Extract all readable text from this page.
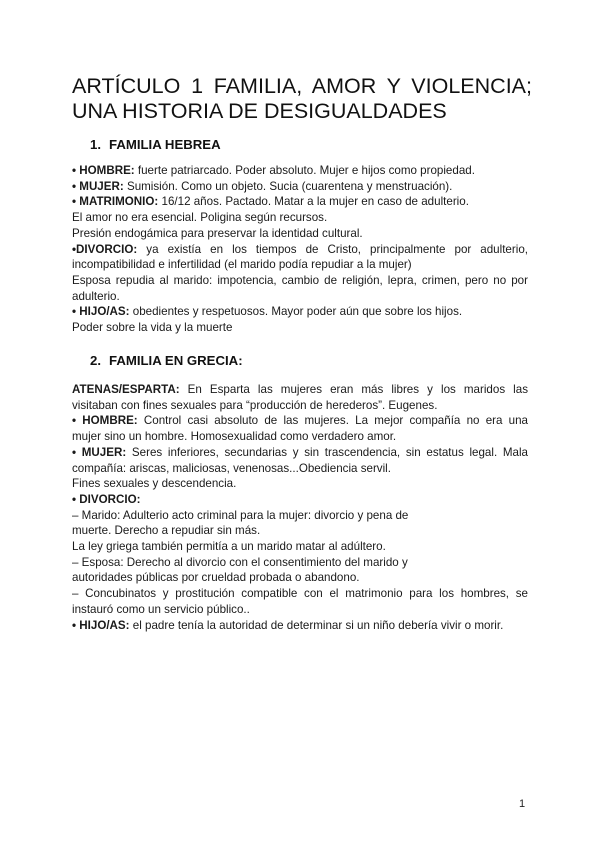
ARTÍCULO 1 FAMILIA, AMOR Y VIOLENCIA;
UNA HISTORIA DE DESIGUALDADES
1. FAMILIA HEBREA
• HOMBRE: fuerte patriarcado. Poder absoluto. Mujer e hijos como propiedad.
• MUJER: Sumisión. Como un objeto. Sucia (cuarentena y menstruación).
• MATRIMONIO: 16/12 años. Pactado. Matar a la mujer en caso de adulterio.
El amor no era esencial. Poligina según recursos.
Presión endogámica para preservar la identidad cultural.
•DIVORCIO: ya existía en los tiempos de Cristo, principalmente por adulterio,
incompatibilidad e infertilidad (el marido podía repudiar a la mujer)
Esposa repudia al marido: impotencia, cambio de religión, lepra, crimen, pero no por
adulterio.
• HIJO/AS: obedientes y respetuosos. Mayor poder aún que sobre los hijos.
Poder sobre la vida y la muerte
2. FAMILIA EN GRECIA:
ATENAS/ESPARTA: En Esparta las mujeres eran más libres y los maridos las
visitaban con fines sexuales para “producción de herederos”. Eugenes.
• HOMBRE: Control casi absoluto de las mujeres. La mejor compañía no era una
mujer sino un hombre. Homosexualidad como verdadero amor.
• MUJER: Seres inferiores, secundarias y sin trascendencia, sin estatus legal. Mala
compañía: ariscas, maliciosas, venenosas...Obediencia servil.
Fines sexuales y descendencia.
• DIVORCIO:
– Marido: Adulterio acto criminal para la mujer: divorcio y pena de
muerte. Derecho a repudiar sin más.
La ley griega también permitía a un marido matar al adúltero.
– Esposa: Derecho al divorcio con el consentimiento del marido y
autoridades públicas por crueldad probada o abandono.
– Concubinatos y prostitución compatible con el matrimonio para los hombres, se
instauró como un servicio público..
• HIJO/AS: el padre tenía la autoridad de determinar si un niño debería vivir o morir.
1
